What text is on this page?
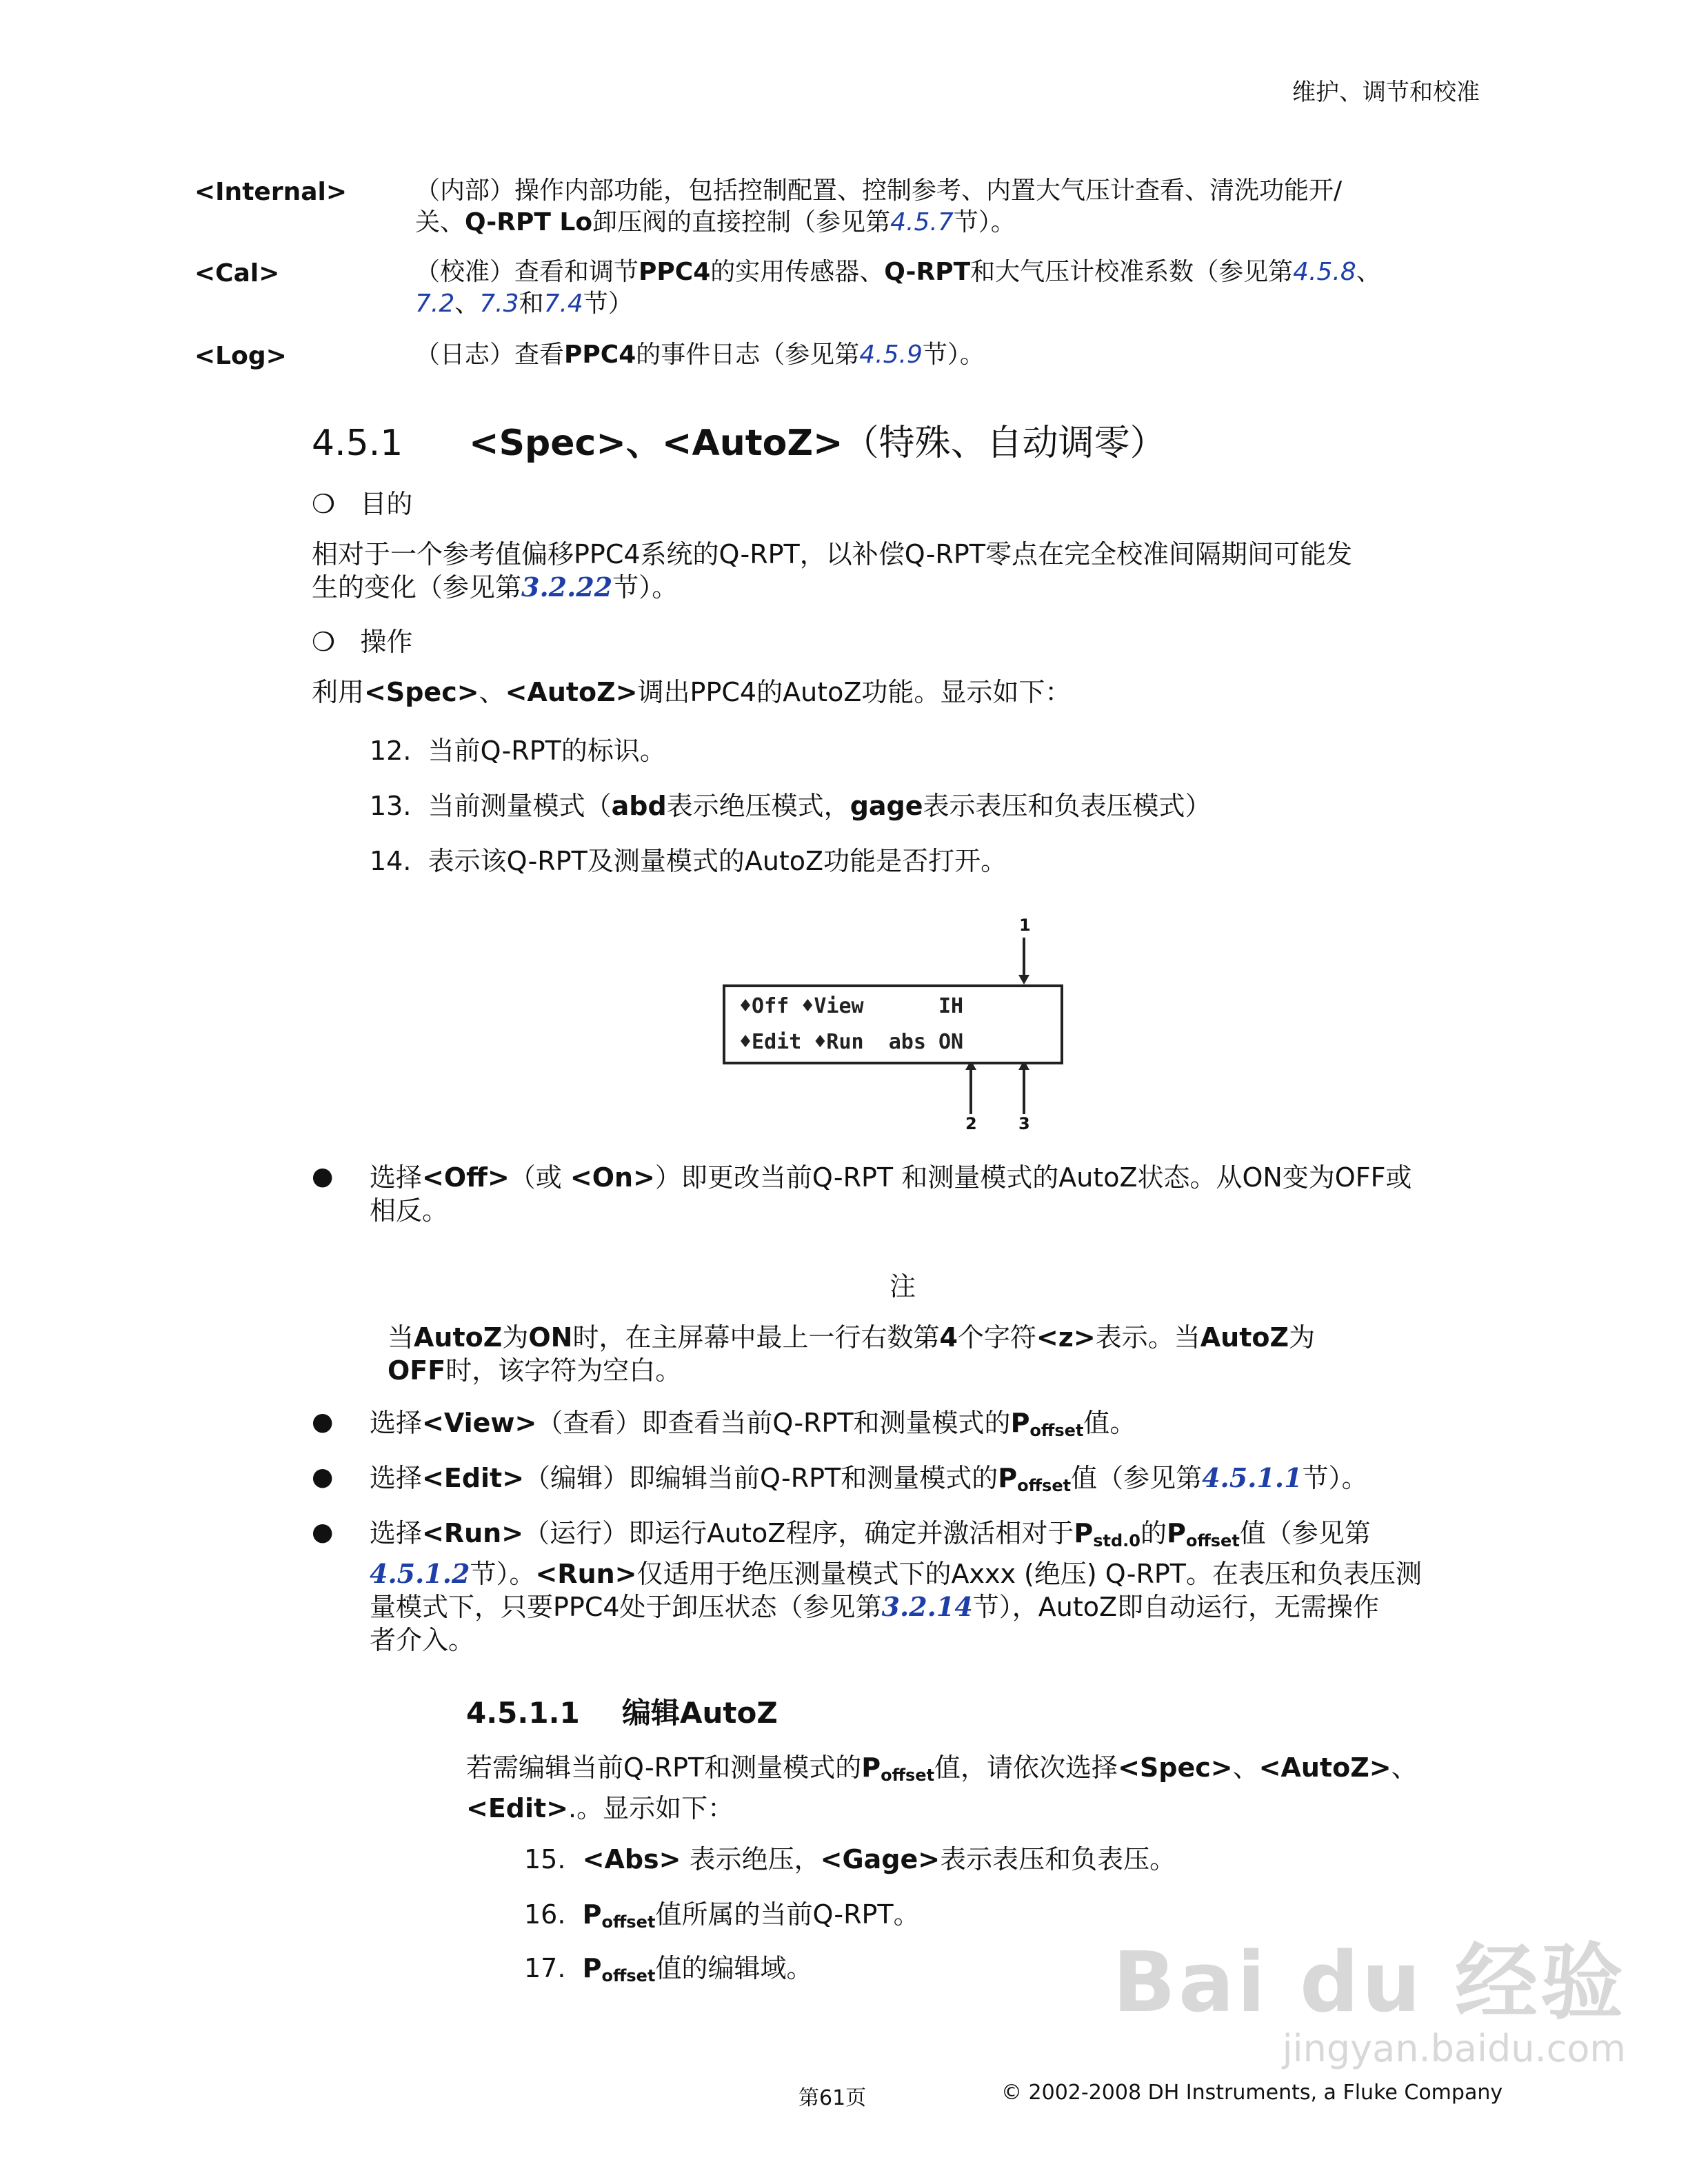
维护、调节和校准
<Internal>	（内部）操作内部功能，包括控制配置、控制参考、内置大气压计查看、清洗功能开/
关、Q-RPT Lo卸压阀的直接控制（参见第4.5.7节）。
<Cal>	（校准）查看和调节PPC4的实用传感器、Q-RPT和大气压计校准系数（参见第4.5.8、
7.2、7.3和7.4节）
<Log>	（日志）查看PPC4的事件日志（参见第4.5.9节）。
4.5.1 <Spec>、<AutoZ>（特殊、自动调零）
❍ 目的
相对于一个参考值偏移PPC4系统的Q-RPT，以补偿Q-RPT零点在完全校准间隔期间可能发
生的变化（参见第3.2.22节）。
❍ 操作
利用<Spec>、<AutoZ>调出PPC4的AutoZ功能。显示如下：
12. 当前Q-RPT的标识。
13. 当前测量模式（abd表示绝压模式，gage表示表压和负表压模式）
14. 表示该Q-RPT及测量模式的AutoZ功能是否打开。
1
♦Off ♦View      IH
♦Edit ♦Run  abs ON
2	3
● 选择<Off>（或 <On>）即更改当前Q-RPT 和测量模式的AutoZ状态。从ON变为OFF或
相反。
注
当AutoZ为ON时，在主屏幕中最上一行右数第4个字符<z>表示。当AutoZ为
OFF时，该字符为空白。
● 选择<View>（查看）即查看当前Q-RPT和测量模式的$P_{offset}$值。
● 选择<Edit>（编辑）即编辑当前Q-RPT和测量模式的$P_{offset}$值（参见第4.5.1.1节）。
● 选择<Run>（运行）即运行AutoZ程序，确定并激活相对于$P_{std.0}$的$P_{offset}$值（参见第
4.5.1.2节）。<Run>仅适用于绝压测量模式下的Axxx (绝压) Q-RPT。在表压和负表压测
量模式下，只要PPC4处于卸压状态（参见第3.2.14节），AutoZ即自动运行，无需操作
者介入。
4.5.1.1 编辑AutoZ
若需编辑当前Q-RPT和测量模式的$P_{offset}$值，请依次选择<Spec>、<AutoZ>、
<Edit>.。显示如下：
15. <Abs> 表示绝压，<Gage>表示表压和负表压。
16. $P_{offset}$值所属的当前Q-RPT。
17. $P_{offset}$值的编辑域。	Bai du 经验
jingyan.baidu.com
第61页	© 2002-2008 DH Instruments, a Fluke Company
